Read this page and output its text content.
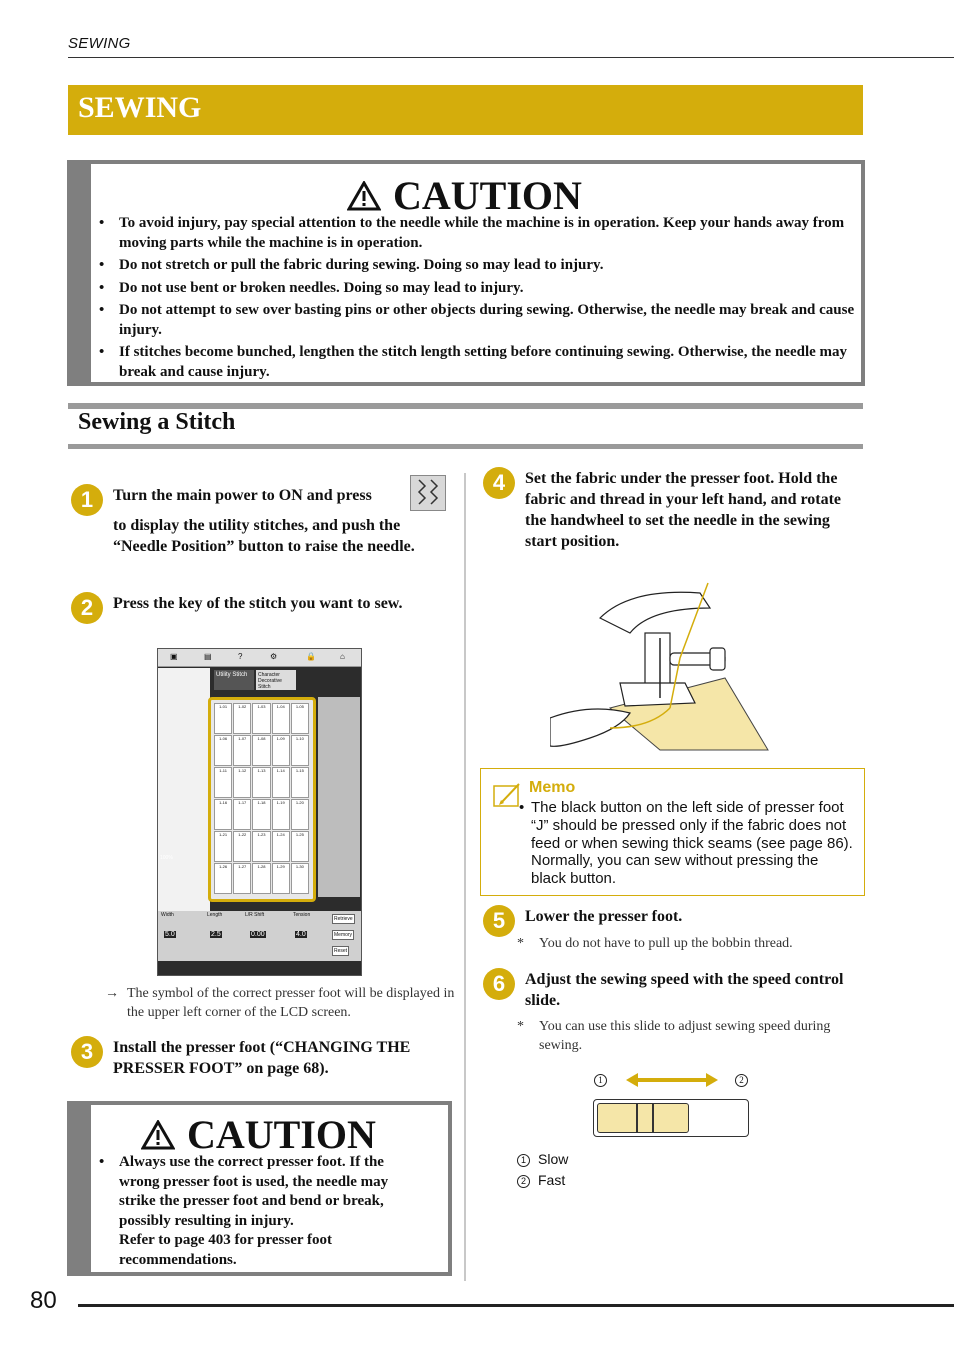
SEWING
SEWING
CAUTION
• To avoid injury, pay special attention to the needle while the machine is in operation. Keep your hands away from moving parts while the machine is in operation.
• Do not stretch or pull the fabric during sewing. Doing so may lead to injury.
• Do not use bent or broken needles. Doing so may lead to injury.
• Do not attempt to sew over basting pins or other objects during sewing. Otherwise, the needle may break and cause injury.
• If stitches become bunched, lengthen the stitch length setting before continuing sewing. Otherwise, the needle may break and cause injury.
Sewing a Stitch
1	Turn the main power to ON and press
to display the utility stitches, and push the “Needle Position” button to raise the needle.
2	Press the key of the stitch you want to sew.
▣	▤	?	⚙	🔒	⌂
Utility Stitch	Character Decorative Stitch
1-01	1-02	1-03	1-04	1-05
1-06	1-07	1-08	1-09	1-10
1-11	1-12	1-13	1-14	1-15
1-16	1-17	1-18	1-19	1-20
1-21	1-22	1-23	1-24	1-25
1-26	1-27	1-28	1-29	1-30
100%
Width	Length	L/R Shift	Tension
5.0	2.5	0.00	4.0
Retrieve
Memory
Reset
→ The symbol of the correct presser foot will be displayed in the upper left corner of the LCD screen.
3	Install the presser foot (“CHANGING THE PRESSER FOOT” on page 68).
CAUTION
• Always use the correct presser foot. If the wrong presser foot is used, the needle may strike the presser foot and bend or break, possibly resulting in injury.
Refer to page 403 for presser foot recommendations.
4	Set the fabric under the presser foot. Hold the fabric and thread in your left hand, and rotate the handwheel to set the needle in the sewing start position.
Memo
• The black button on the left side of presser foot “J” should be pressed only if the fabric does not feed or when sewing thick seams (see page 86). Normally, you can sew without pressing the black button.
5	Lower the presser foot.
* You do not have to pull up the bobbin thread.
6	Adjust the sewing speed with the speed control slide.
* You can use this slide to adjust sewing speed during sewing.
1	2
1 Slow
2 Fast
80
